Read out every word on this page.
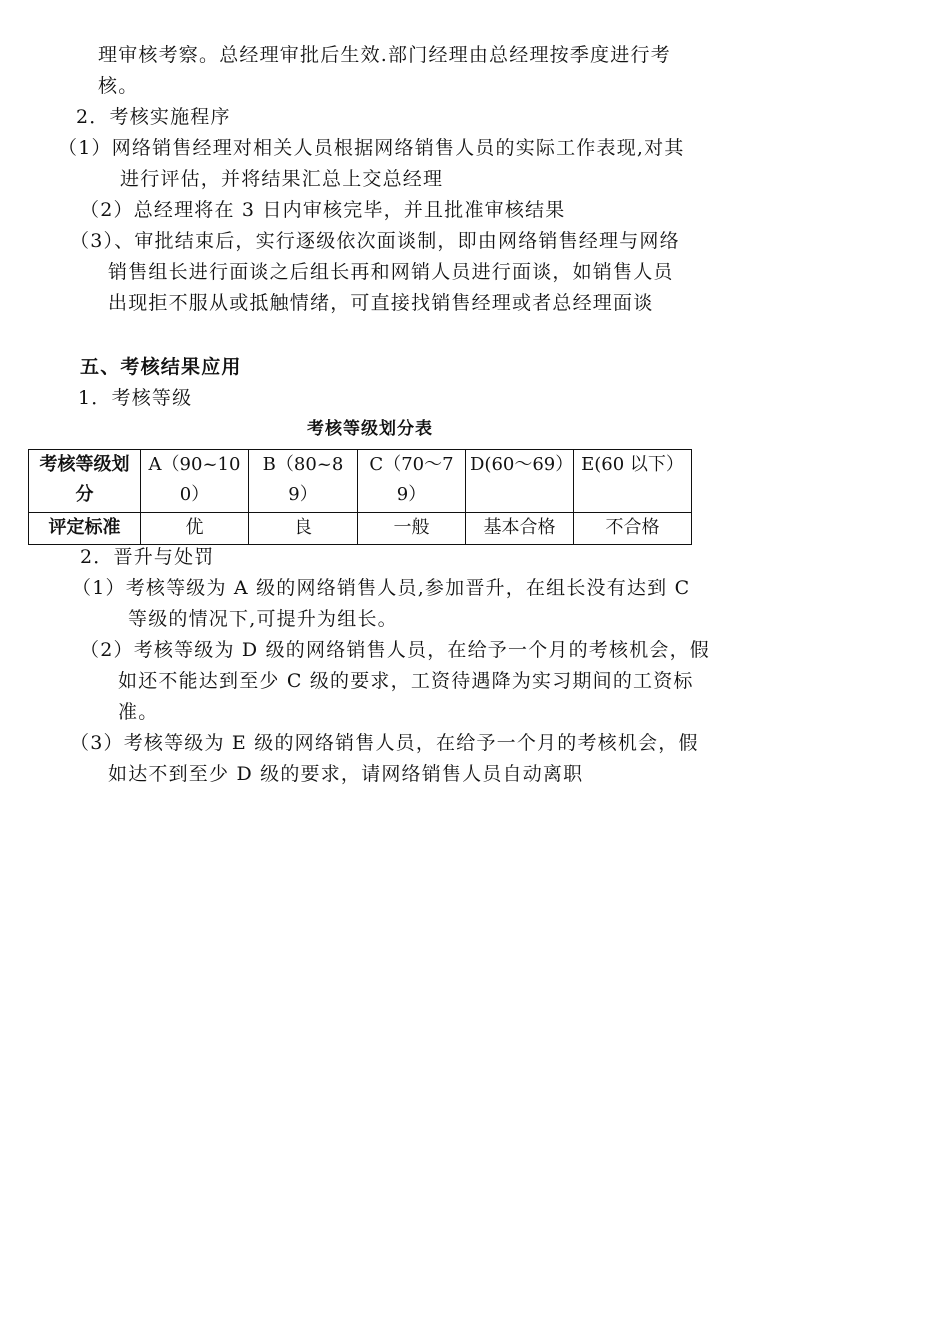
理审核考察。总经理审批后生效.部门经理由总经理按季度进行考
核。
2．考核实施程序
（1）网络销售经理对相关人员根据网络销售人员的实际工作表现,对其
进行评估，并将结果汇总上交总经理
（2）总经理将在 3 日内审核完毕，并且批准审核结果
（3）、审批结束后，实行逐级依次面谈制，即由网络销售经理与网络
销售组长进行面谈之后组长再和网销人员进行面谈，如销售人员
出现拒不服从或抵触情绪，可直接找销售经理或者总经理面谈
五、考核结果应用
1．考核等级
考核等级划分表
考核等级划分	A（90~100）	B（80~89）	C（70～79）	D(60～69）	E(60 以下）
评定标准	优	良	一般	基本合格	不合格
2．晋升与处罚
（1）考核等级为 A 级的网络销售人员,参加晋升，在组长没有达到 C
等级的情况下,可提升为组长。
（2）考核等级为 D 级的网络销售人员，在给予一个月的考核机会，假
如还不能达到至少 C 级的要求，工资待遇降为实习期间的工资标
准。
（3）考核等级为 E 级的网络销售人员，在给予一个月的考核机会，假
如达不到至少 D 级的要求，请网络销售人员自动离职
